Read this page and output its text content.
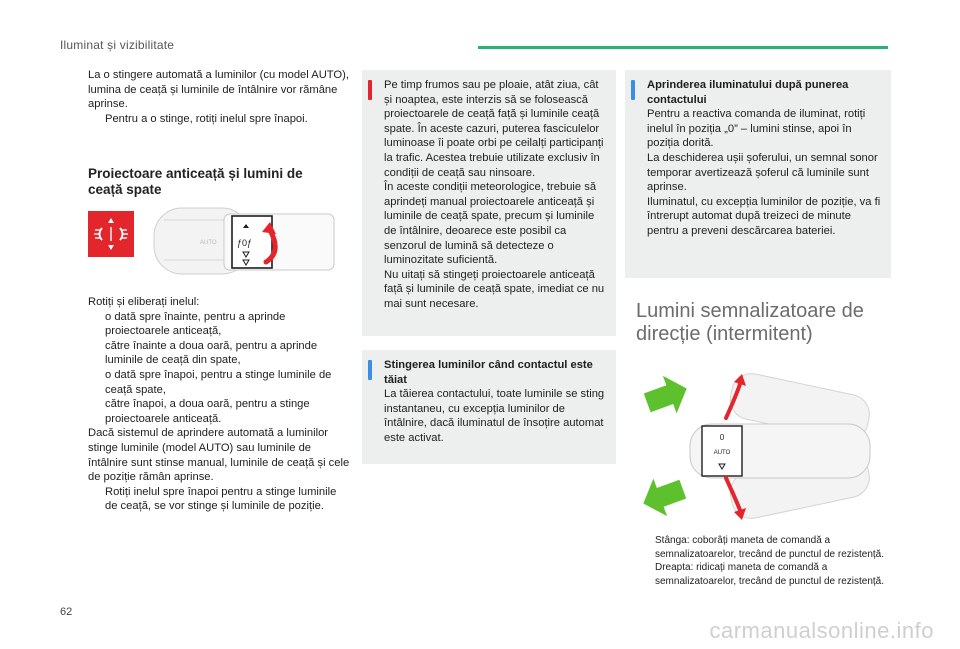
Iluminat și vizibilitate

La o stingere automată a luminilor (cu model AUTO), lumina de ceață și luminile de întâlnire vor rămâne aprinse.

Pentru a o stinge, rotiți inelul spre înapoi.
Proiectoare anticeață și lumini de ceață spate
AUTO ƒ0ƒ

Rotiți și eliberați inelul:

o dată spre înainte, pentru a aprinde proiectoarele anticeață,
către înainte a doua oară, pentru a aprinde luminile de ceață din spate,
o dată spre înapoi, pentru a stinge luminile de ceață spate,
către înapoi, a doua oară, pentru a stinge proiectoarele anticeață.

Dacă sistemul de aprindere automată a luminilor stinge luminile (model AUTO) sau luminile de întâlnire sunt stinse manual, luminile de ceață și cele de poziție rămân aprinse.

Rotiți inelul spre înapoi pentru a stinge luminile de ceață, se vor stinge și luminile de poziție.
Pe timp frumos sau pe ploaie, atât ziua, cât și noaptea, este interzis să se folosească proiectoarele de ceață față și luminile ceață spate. În aceste cazuri, puterea fasciculelor luminoase îi poate orbi pe ceilalți participanți la trafic. Acestea trebuie utilizate exclusiv în condiții de ceață sau ninsoare.
În aceste condiții meteorologice, trebuie să aprindeți manual proiectoarele anticeață și luminile de ceață spate, precum și luminile de întâlnire, deoarece este posibil ca senzorul de lumină să detecteze o luminozitate suficientă.
Nu uitați să stingeți proiectoarele anticeață față și luminile de ceață spate, imediat ce nu mai sunt necesare.
Stingerea luminilor când contactul este tăiat
La tăierea contactului, toate luminile se sting instantaneu, cu excepția luminilor de întâlnire, dacă iluminatul de însoțire automat este activat.
Aprinderea iluminatului după punerea contactului
Pentru a reactiva comanda de iluminat, rotiți inelul în poziția „0” – lumini stinse, apoi în poziția dorită.
La deschiderea ușii șoferului, un semnal sonor temporar avertizează șoferul că luminile sunt aprinse.
Iluminatul, cu excepția luminilor de poziție, va fi întrerupt automat după treizeci de minute pentru a preveni descărcarea bateriei.
Lumini semnalizatoare de direcție (intermitent)
0
AUTO
Stânga: coborâți maneta de comandă a semnalizatoarelor, trecând de punctul de rezistență.
Dreapta: ridicați maneta de comandă a semnalizatoarelor, trecând de punctul de rezistență.
62
carmanualsonline.info
